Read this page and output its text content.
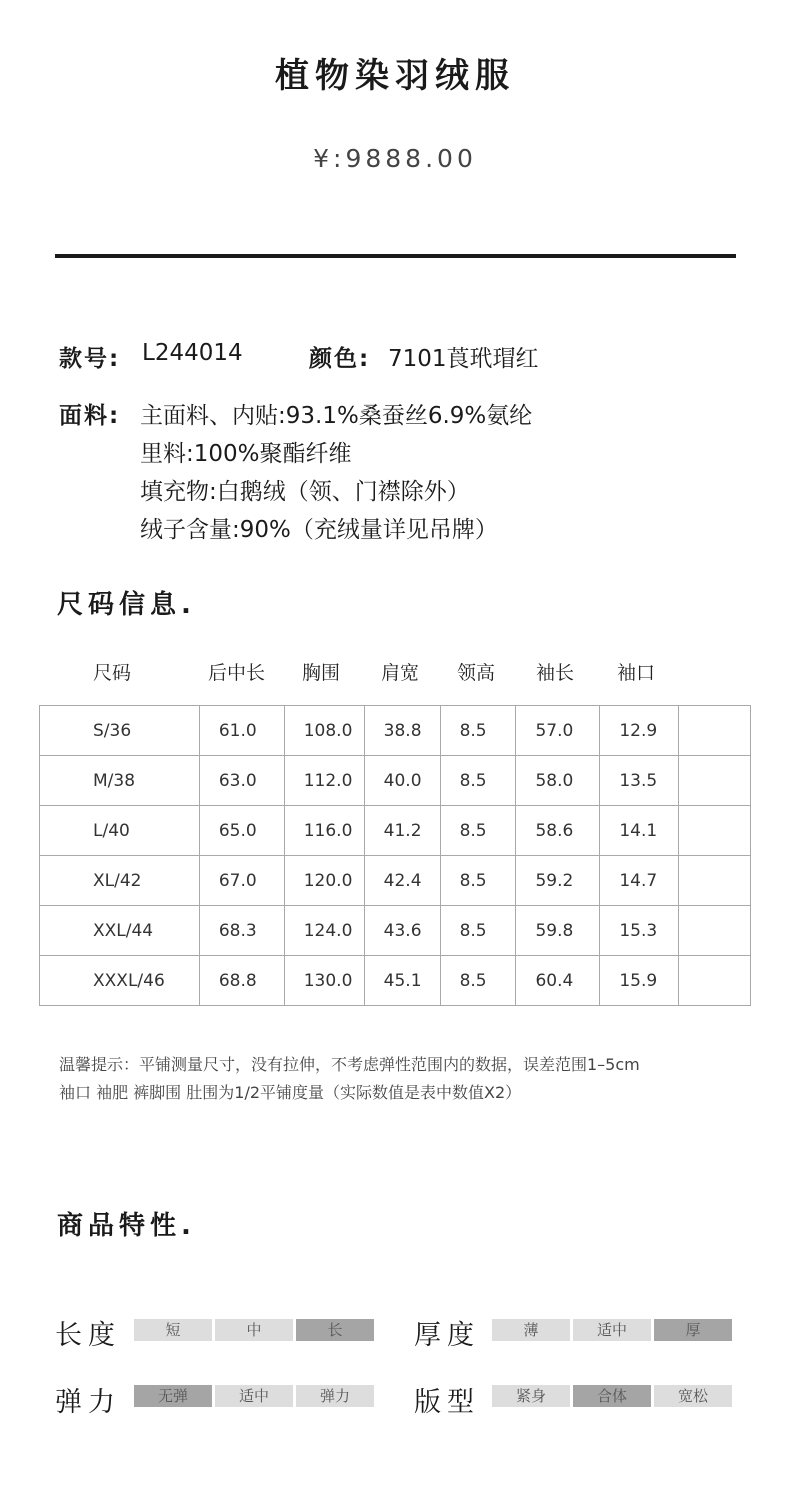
植物染羽绒服
¥:9888.00
款号: L244014	颜色: 7101莨玳瑁红
面料: 主面料、内贴:93.1%桑蚕丝6.9%氨纶
里料:100%聚酯纤维
填充物:白鹅绒（领、门襟除外）
绒子含量:90%（充绒量详见吊牌）
尺码信息.
尺码	后中长 胸围 肩宽 领高 袖长 袖口
S/36	61.0	108.0	38.8	8.5	57.0	12.9	
M/38	63.0	112.0	40.0	8.5	58.0	13.5	
L/40	65.0	116.0	41.2	8.5	58.6	14.1	
XL/42	67.0	120.0	42.4	8.5	59.2	14.7	
XXL/44	68.3	124.0	43.6	8.5	59.8	15.3	
XXXL/46	68.8	130.0	45.1	8.5	60.4	15.9	
温馨提示：平铺测量尺寸，没有拉伸，不考虑弹性范围内的数据，误差范围1–5cm
袖口 袖肥 裤脚围 肚围为1/2平铺度量（实际数值是表中数值X2）
商品特性.
长度	短	中	长	厚度	薄	适中	厚
弹力	无弹	适中	弹力	版型	紧身	合体	宽松
